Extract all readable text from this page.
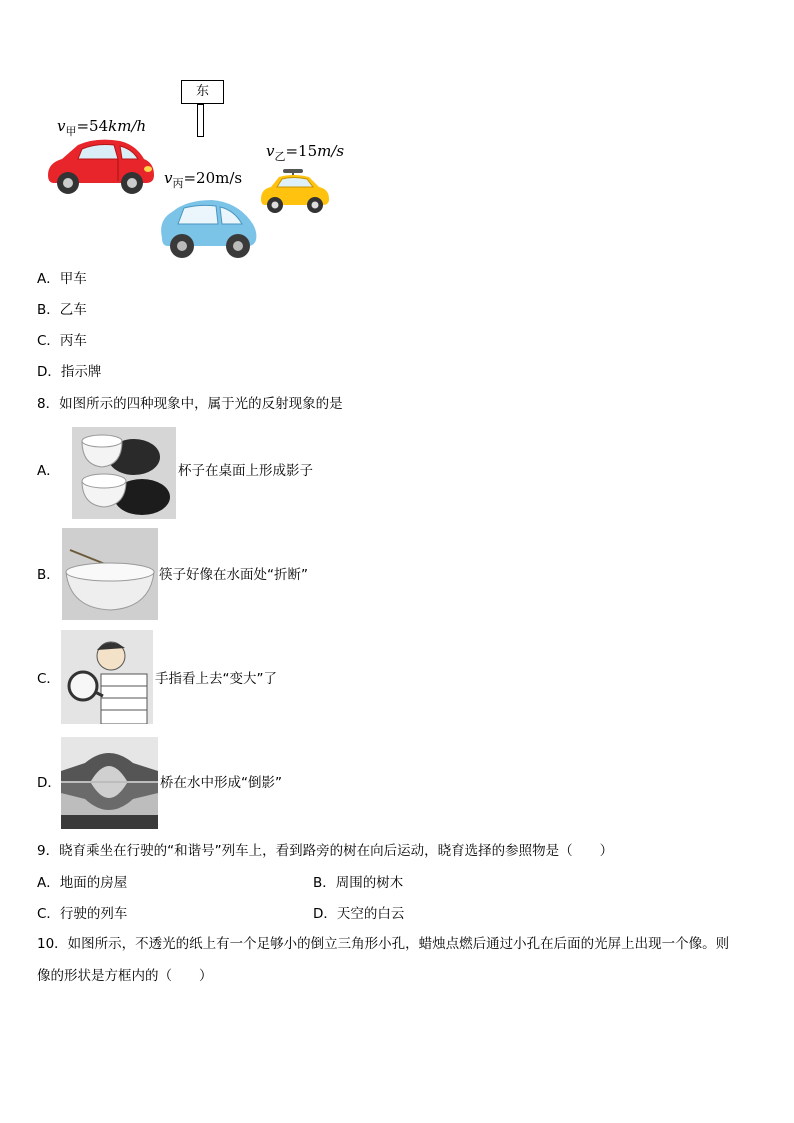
东
$v_甲=54km/h$
$v_乙=15m/s$
$v_丙=20m/s$
A．甲车
B．乙车
C．丙车
D．指示牌
8．如图所示的四种现象中，属于光的反射现象的是
A．	杯子在桌面上形成影子
B．	筷子好像在水面处“折断”
C．	手指看上去“变大”了
D．	桥在水中形成“倒影”
9．晓育乘坐在行驶的“和谐号”列车上，看到路旁的树在向后运动，晓育选择的参照物是（　　）
A．地面的房屋	B．周围的树木
C．行驶的列车	D．天空的白云
10．如图所示，不透光的纸上有一个足够小的倒立三角形小孔，蜡烛点燃后通过小孔在后面的光屏上出现一个像。则
像的形状是方框内的（　　）
